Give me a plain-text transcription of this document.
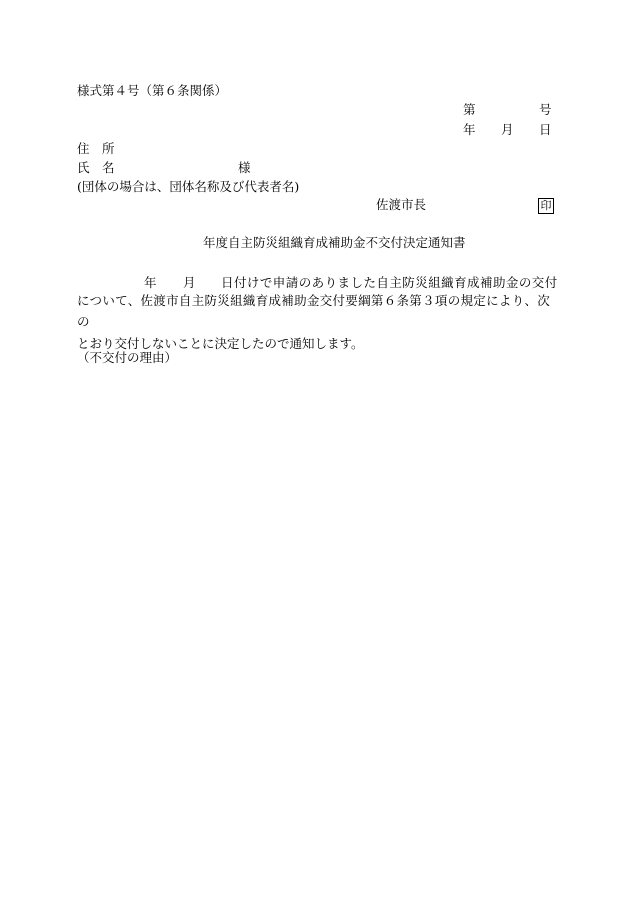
様式第４号（第６条関係）
第	号
年 月 日
住　所
氏　名	様
(団体の場合は、団体名称及び代表者名)
佐渡市長	印
年度自主防災組織育成補助金不交付決定通知書
年 月 日付けで申請のありました自主防災組織育成補助金の交付
について、佐渡市自主防災組織育成補助金交付要綱第６条第３項の規定により、次の
とおり交付しないことに決定したので通知します。
（不交付の理由）
